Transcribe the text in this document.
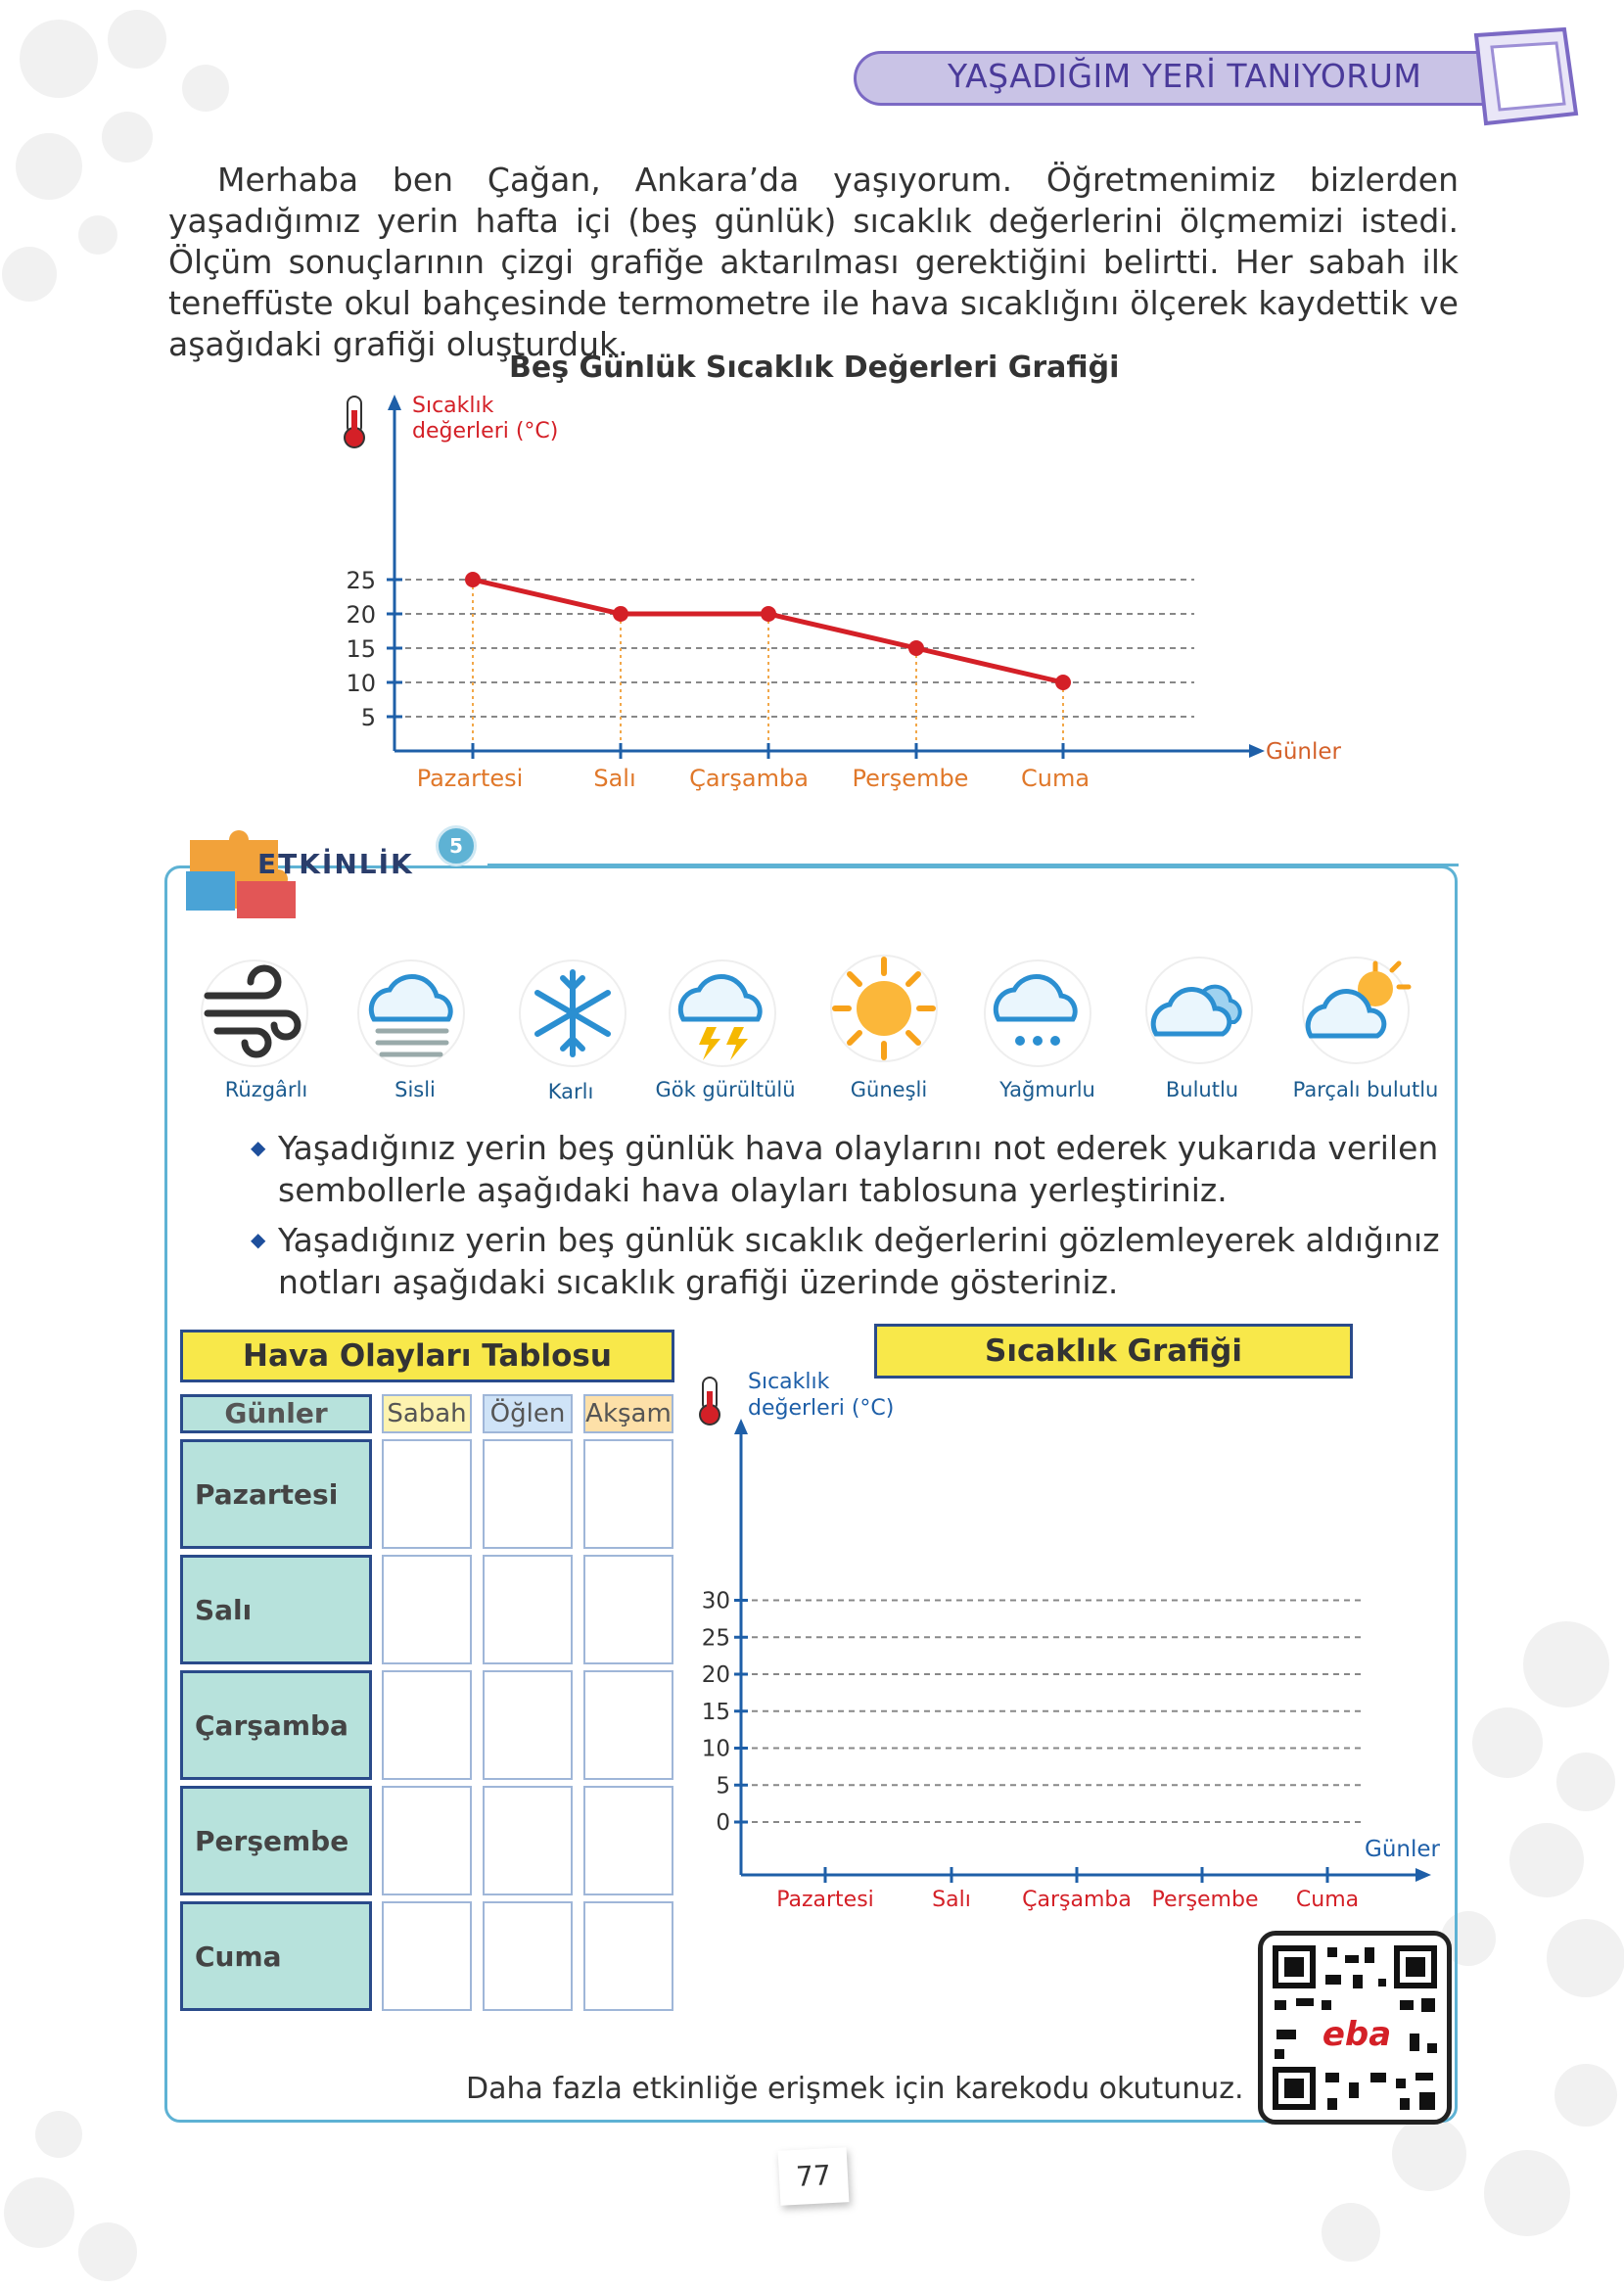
YAŞADIĞIM YERİ TANIYORUM
Merhaba ben Çağan, Ankara’da yaşıyorum. Öğretmenimiz bizlerden yaşadığımız yerin hafta içi (beş günlük) sıcaklık değerlerini ölçmemizi istedi. Ölçüm sonuçlarının çizgi grafiğe aktarılması gerektiğini belirtti. Her sabah ilk teneffüste okul bahçesinde termometre ile hava sıcaklığını ölçerek kaydettik ve aşağıdaki grafiği oluşturduk.
Beş Günlük Sıcaklık Değerleri Grafiği
Sıcaklık
değerleri (°C)
Günler
5
10
15
20
25
Pazartesi	Salı Çarşamba Perşembe Cuma
ETKİNLİK
5
Rüzgârlı	Sisli	Karlı	Gök gürültülü	Güneşli	Yağmurlu	Bulutlu	Parçalı bulutlu
◆ Yaşadığınız yerin beş günlük hava olaylarını not ederek yukarıda verilen sembollerle aşağıdaki hava olayları tablosuna yerleştiriniz.
◆ Yaşadığınız yerin beş günlük sıcaklık değerlerini gözlemleyerek aldığınız notları aşağıdaki sıcaklık grafiği üzerinde gösteriniz.
Hava Olayları Tablosu
Günler	Sabah Öğlen Akşam
Pazartesi
Salı
Çarşamba
Perşembe
Cuma
Sıcaklık Grafiği
Sıcaklık
değerleri (°C)
Günler
0
5
10
15
20
25
30
Pazartesi	Salı Çarşamba Perşembe Cuma
Daha fazla etkinliğe erişmek için karekodu okutunuz.
eba
77
